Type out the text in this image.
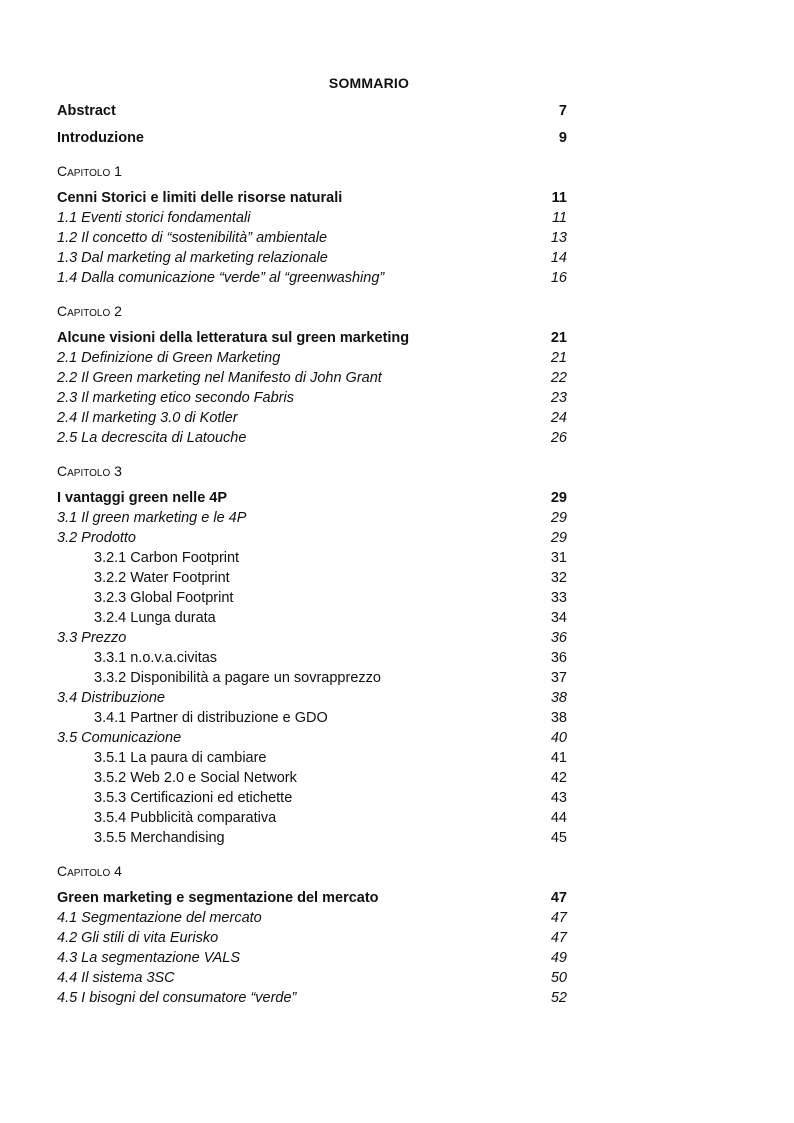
SOMMARIO
Abstract	7
Introduzione	9
Capitolo 1
Cenni Storici e limiti delle risorse naturali	11
1.1 Eventi storici fondamentali	11
1.2 Il concetto di “sostenibilità” ambientale	13
1.3 Dal marketing al marketing relazionale	14
1.4 Dalla comunicazione “verde” al “greenwashing”	16
Capitolo 2
Alcune visioni della letteratura sul green marketing	21
2.1 Definizione di Green Marketing	21
2.2 Il Green marketing nel Manifesto di John Grant	22
2.3 Il marketing etico secondo Fabris	23
2.4 Il marketing 3.0 di Kotler	24
2.5 La decrescita di Latouche	26
Capitolo 3
I vantaggi green nelle 4P	29
3.1 Il green marketing e le 4P	29
3.2 Prodotto	29
3.2.1 Carbon Footprint	31
3.2.2 Water Footprint	32
3.2.3 Global Footprint	33
3.2.4 Lunga durata	34
3.3 Prezzo	36
3.3.1 n.o.v.a.civitas	36
3.3.2 Disponibilità a pagare un sovrapprezzo	37
3.4 Distribuzione	38
3.4.1 Partner di distribuzione e GDO	38
3.5 Comunicazione	40
3.5.1 La paura di cambiare	41
3.5.2 Web 2.0 e Social Network	42
3.5.3 Certificazioni ed etichette	43
3.5.4 Pubblicità comparativa	44
3.5.5 Merchandising	45
Capitolo 4
Green marketing e segmentazione del mercato	47
4.1 Segmentazione del mercato	47
4.2 Gli stili di vita Eurisko	47
4.3 La segmentazione VALS	49
4.4 Il sistema 3SC	50
4.5 I bisogni del consumatore “verde”	52
